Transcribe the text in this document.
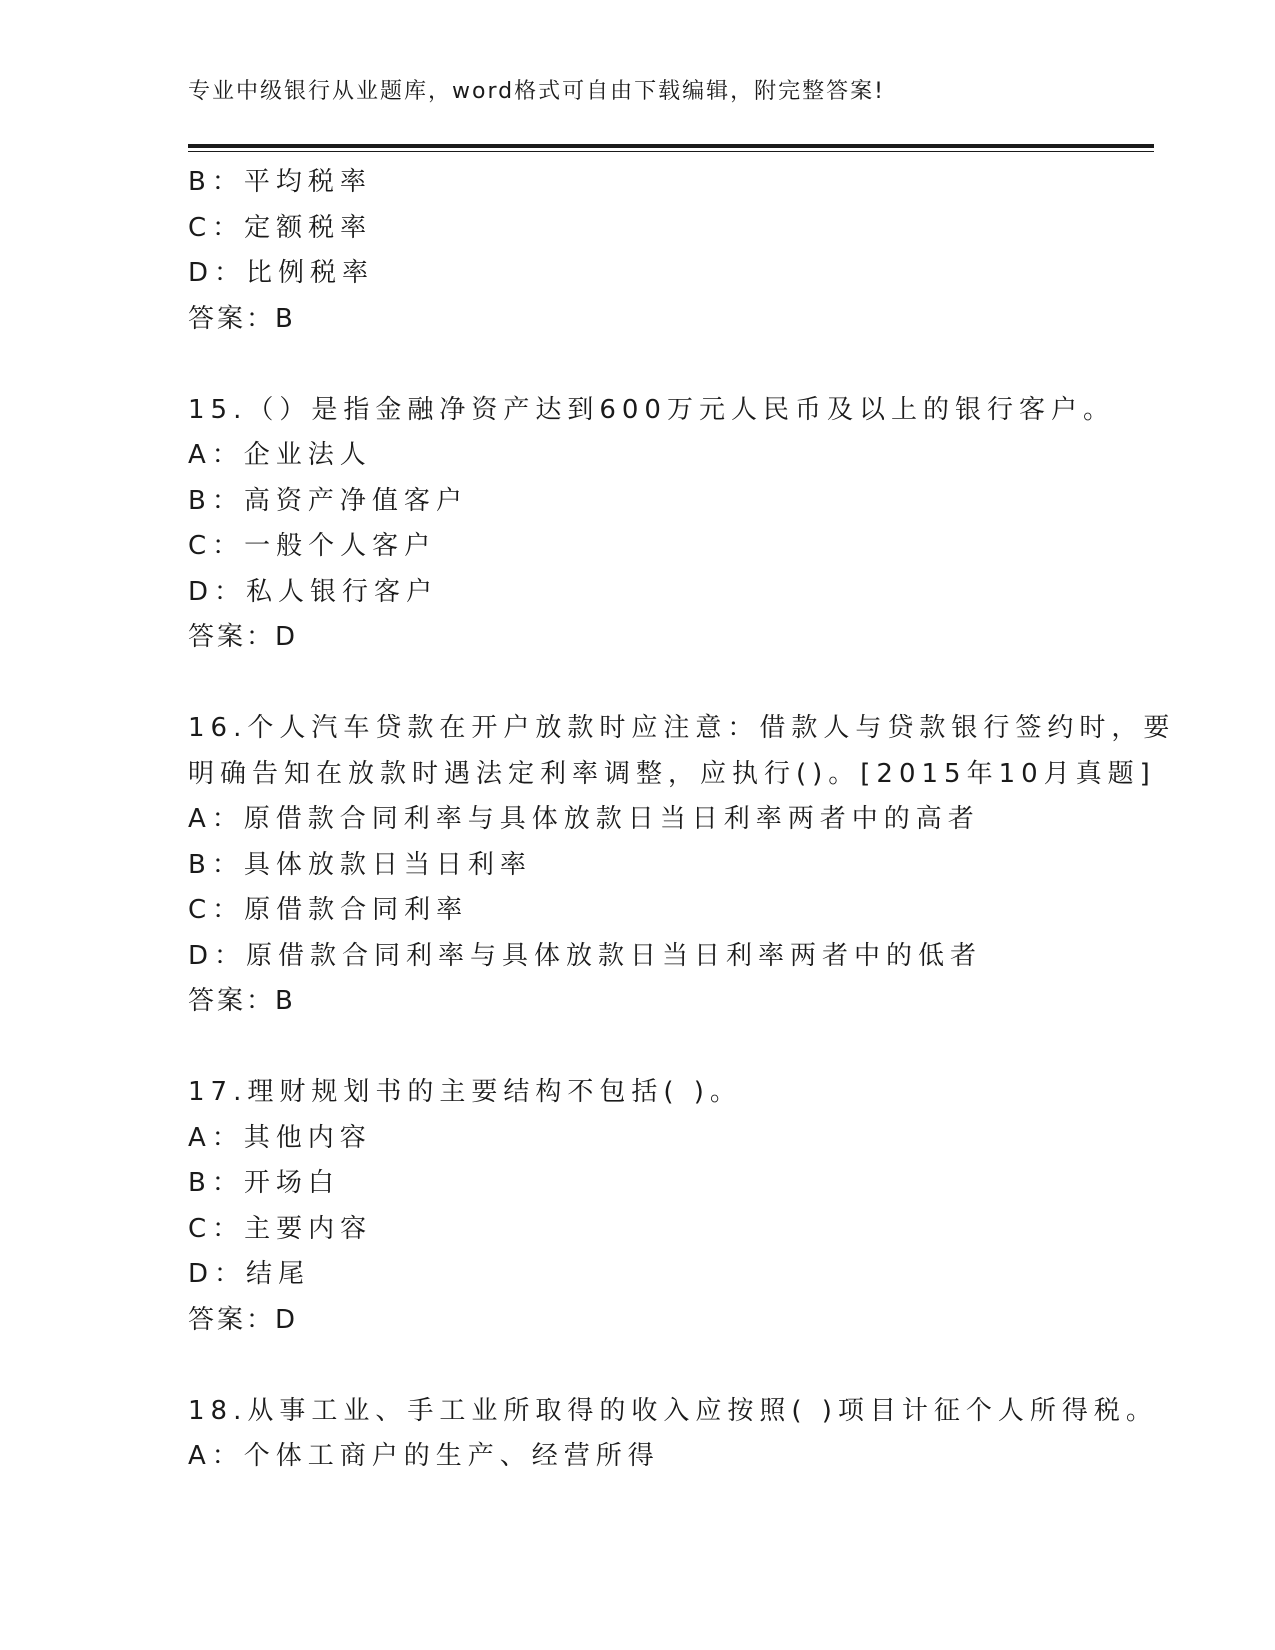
专业中级银行从业题库，word格式可自由下载编辑，附完整答案!
B：平均税率
C：定额税率
D：比例税率
答案：B
15.（）是指金融净资产达到600万元人民币及以上的银行客户。
A：企业法人
B：高资产净值客户
C：一般个人客户
D：私人银行客户
答案：D
16.个人汽车贷款在开户放款时应注意：借款人与贷款银行签约时，要
明确告知在放款时遇法定利率调整，应执行()。[2015年10月真题]
A：原借款合同利率与具体放款日当日利率两者中的高者
B：具体放款日当日利率
C：原借款合同利率
D：原借款合同利率与具体放款日当日利率两者中的低者
答案：B
17.理财规划书的主要结构不包括( )。
A：其他内容
B：开场白
C：主要内容
D：结尾
答案：D
18.从事工业、手工业所取得的收入应按照( )项目计征个人所得税。
A：个体工商户的生产、经营所得
